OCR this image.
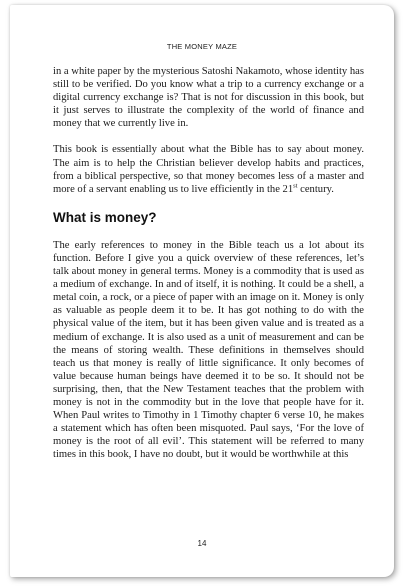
THE MONEY MAZE

in a white paper by the mysterious Satoshi Nakamoto, whose identity has still to be verified. Do you know what a trip to a currency exchange or a digital currency exchange is? That is not for discussion in this book, but it just serves to illustrate the complexity of the world of finance and money that we currently live in.

This book is essentially about what the Bible has to say about money. The aim is to help the Christian believer develop habits and practices, from a biblical perspective, so that money becomes less of a master and more of a servant enabling us to live efficiently in the 21st century.

What is money?

The early references to money in the Bible teach us a lot about its function. Before I give you a quick overview of these references, let’s talk about money in general terms. Money is a commodity that is used as a medium of exchange. In and of itself, it is nothing. It could be a shell, a metal coin, a rock, or a piece of paper with an image on it. Money is only as valuable as people deem it to be. It has got nothing to do with the physical value of the item, but it has been given value and is treated as a medium of exchange. It is also used as a unit of measurement and can be the means of storing wealth. These definitions in themselves should teach us that money is really of little significance. It only becomes of value because human beings have deemed it to be so. It should not be surprising, then, that the New Testament teaches that the problem with money is not in the commodity but in the love that people have for it. When Paul writes to Timothy in 1 Timothy chapter 6 verse 10, he makes a statement which has often been misquoted. Paul says, ‘For the love of money is the root of all evil’. This statement will be referred to many times in this book, I have no doubt, but it would be worthwhile at this

14
